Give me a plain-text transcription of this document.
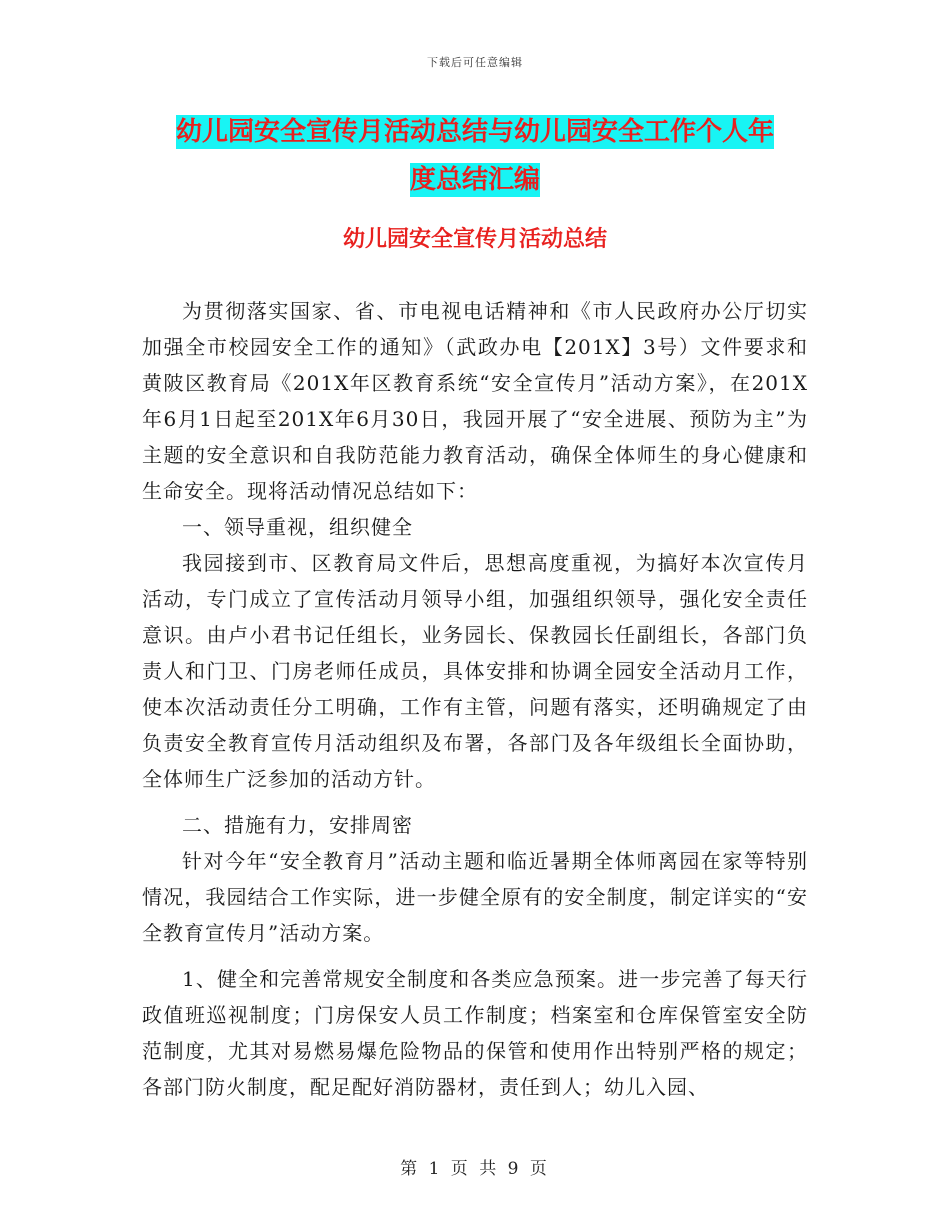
下载后可任意编辑
幼儿园安全宣传月活动总结与幼儿园安全工作个人年
度总结汇编
幼儿园安全宣传月活动总结

为贯彻落实国家、省、市电视电话精神和《市人民政府办公厅切实加强全市校园安全工作的通知》（武政办电【201X】3号）文件要求和黄陂区教育局《201X年区教育系统“安全宣传月”活动方案》，在201X年6月1日起至201X年6月30日，我园开展了“安全进展、预防为主”为主题的安全意识和自我防范能力教育活动，确保全体师生的身心健康和生命安全。现将活动情况总结如下：

一、领导重视，组织健全

我园接到市、区教育局文件后，思想高度重视，为搞好本次宣传月活动，专门成立了宣传活动月领导小组，加强组织领导，强化安全责任意识。由卢小君书记任组长，业务园长、保教园长任副组长，各部门负责人和门卫、门房老师任成员，具体安排和协调全园安全活动月工作，使本次活动责任分工明确，工作有主管，问题有落实，还明确规定了由负责安全教育宣传月活动组织及布署，各部门及各年级组长全面协助，全体师生广泛参加的活动方针。

二、措施有力，安排周密

针对今年“安全教育月”活动主题和临近暑期全体师离园在家等特别情况，我园结合工作实际，进一步健全原有的安全制度，制定详实的“安全教育宣传月”活动方案。

1、健全和完善常规安全制度和各类应急预案。进一步完善了每天行政值班巡视制度；门房保安人员工作制度；档案室和仓库保管室安全防范制度，尤其对易燃易爆危险物品的保管和使用作出特别严格的规定；各部门防火制度，配足配好消防器材，责任到人；幼儿入园、

第 1 页 共 9 页
